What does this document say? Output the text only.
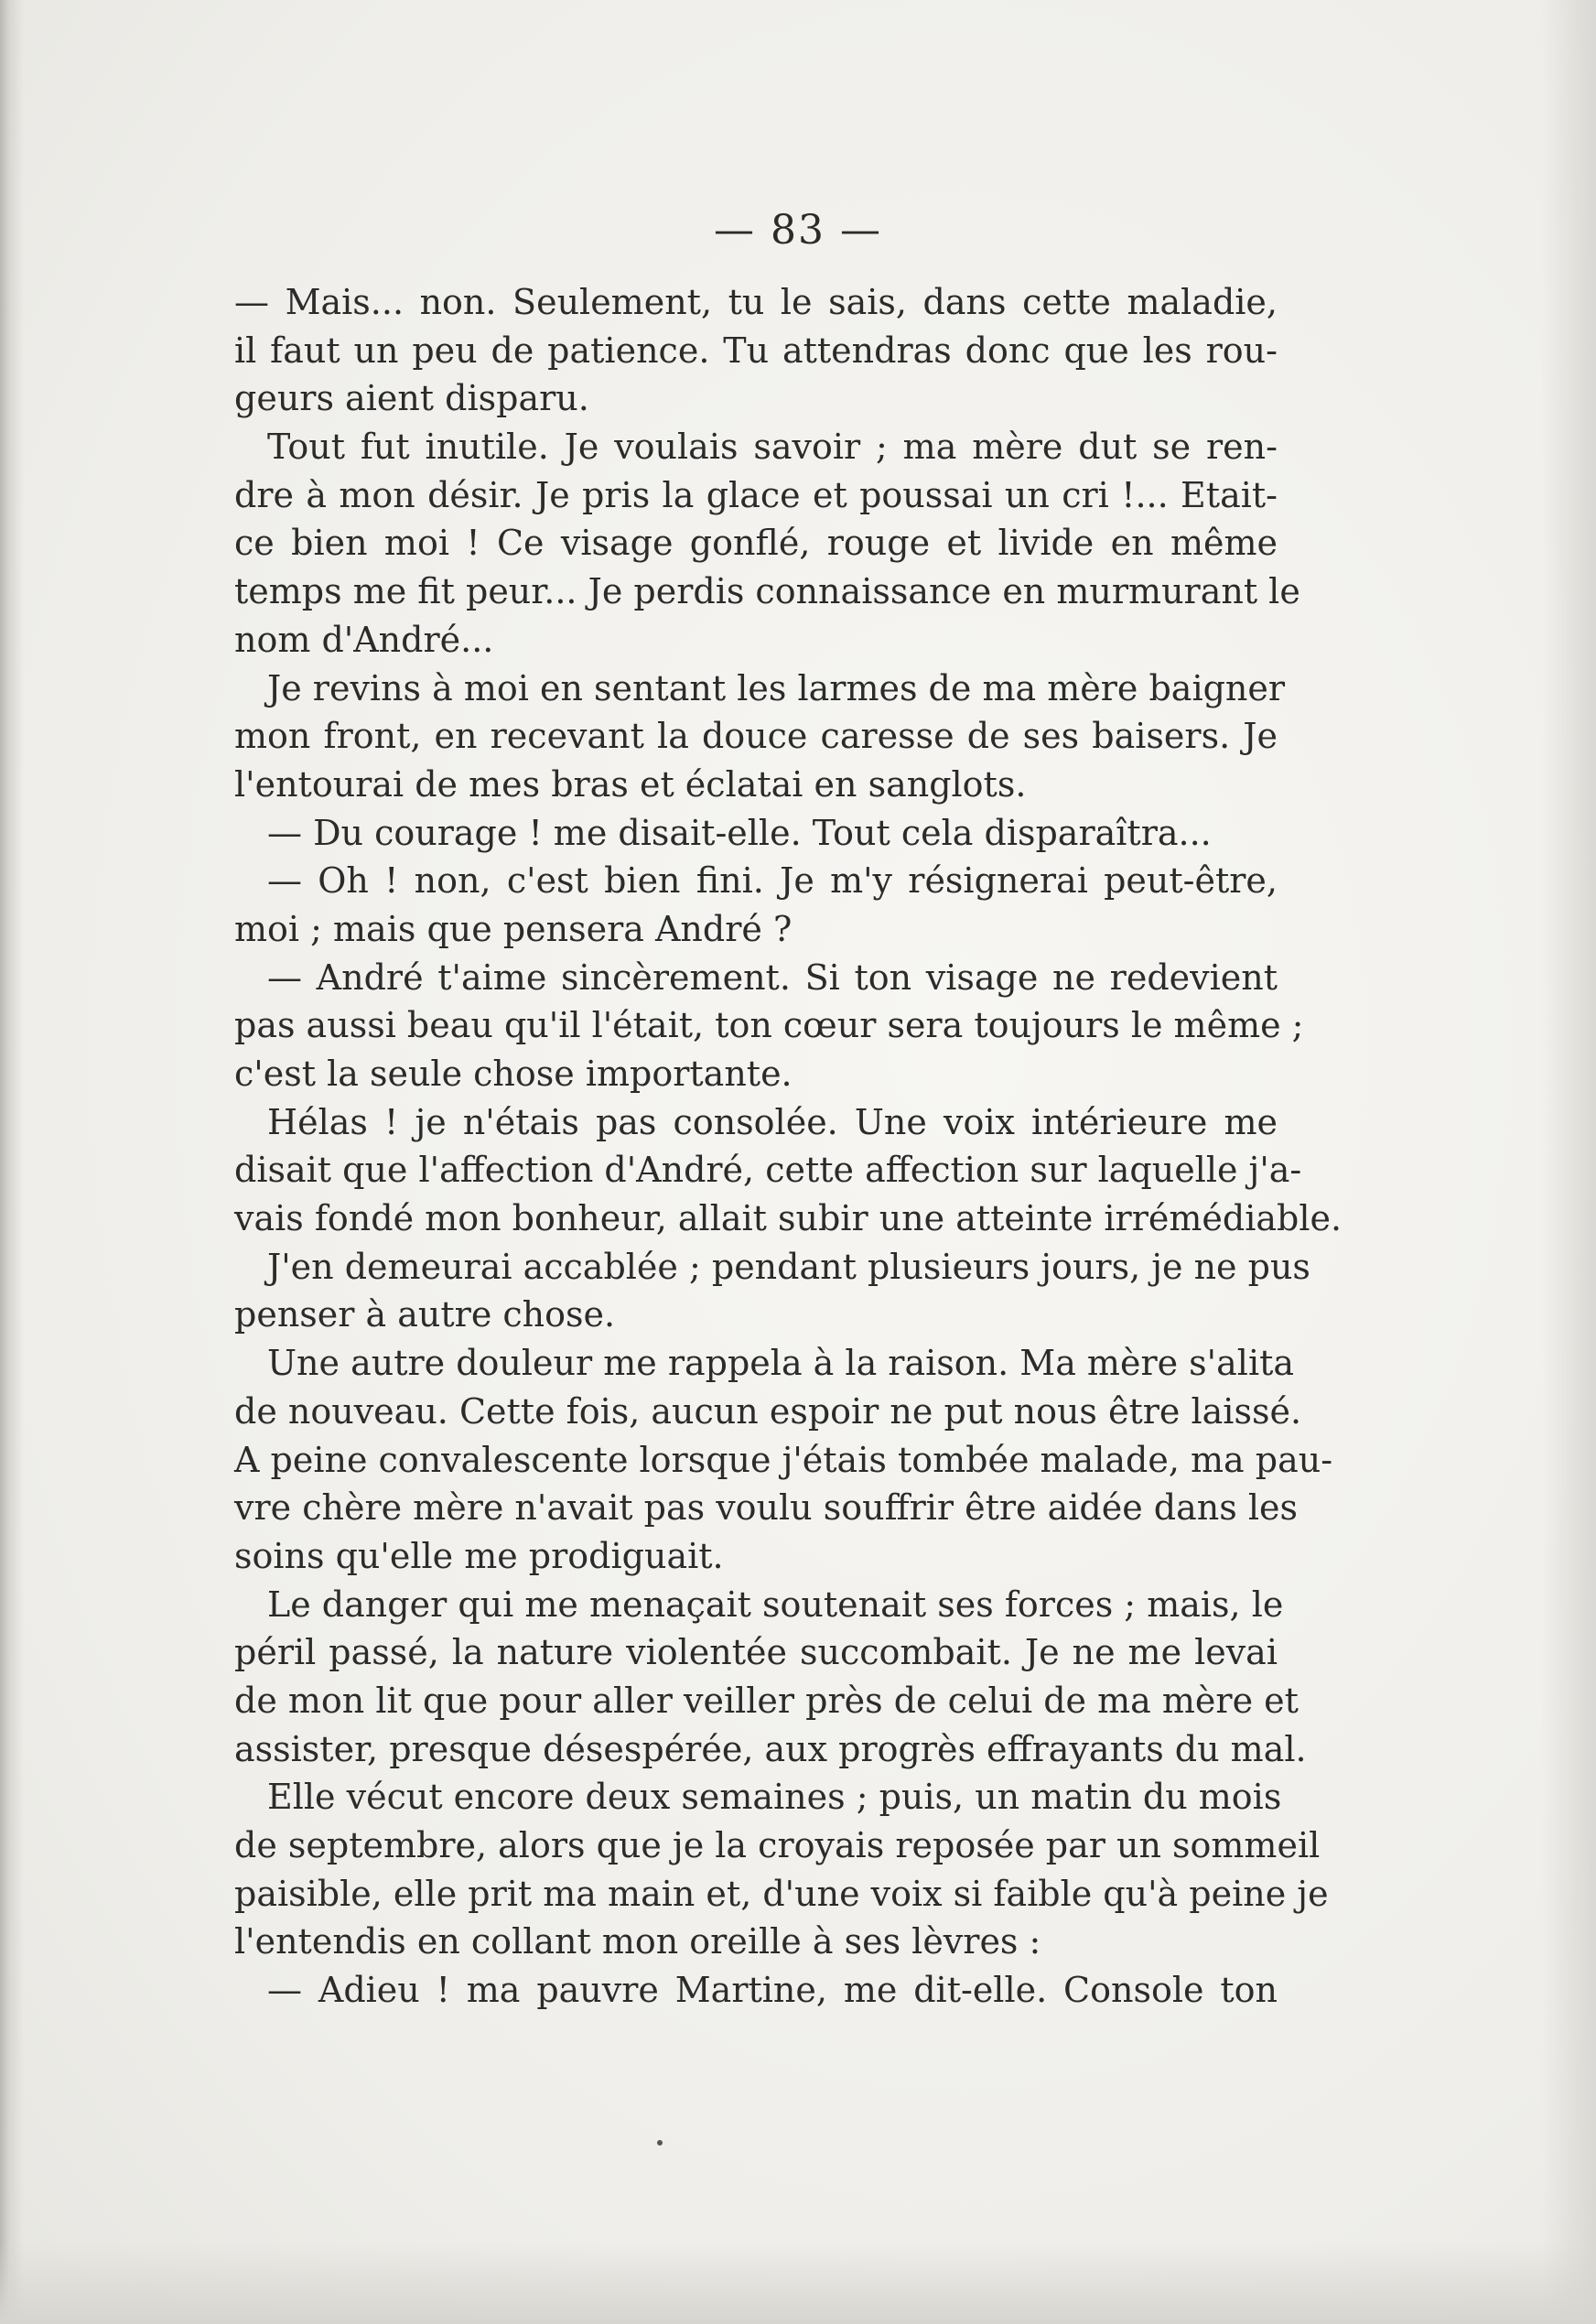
— 83 —
— Mais... non. Seulement, tu le sais, dans cette maladie,
il faut un peu de patience. Tu attendras donc que les rou-
geurs aient disparu.
Tout fut inutile. Je voulais savoir ; ma mère dut se ren-
dre à mon désir. Je pris la glace et poussai un cri !... Etait-
ce bien moi ! Ce visage gonflé, rouge et livide en même
temps me fit peur... Je perdis connaissance en murmurant le
nom d'André...
Je revins à moi en sentant les larmes de ma mère baigner
mon front, en recevant la douce caresse de ses baisers. Je
l'entourai de mes bras et éclatai en sanglots.
— Du courage ! me disait-elle. Tout cela disparaîtra...
— Oh ! non, c'est bien fini. Je m'y résignerai peut-être,
moi ; mais que pensera André ?
— André t'aime sincèrement. Si ton visage ne redevient
pas aussi beau qu'il l'était, ton cœur sera toujours le même ;
c'est la seule chose importante.
Hélas ! je n'étais pas consolée. Une voix intérieure me
disait que l'affection d'André, cette affection sur laquelle j'a-
vais fondé mon bonheur, allait subir une atteinte irrémédiable.
J'en demeurai accablée ; pendant plusieurs jours, je ne pus
penser à autre chose.
Une autre douleur me rappela à la raison. Ma mère s'alita
de nouveau. Cette fois, aucun espoir ne put nous être laissé.
A peine convalescente lorsque j'étais tombée malade, ma pau-
vre chère mère n'avait pas voulu souffrir être aidée dans les
soins qu'elle me prodiguait.
Le danger qui me menaçait soutenait ses forces ; mais, le
péril passé, la nature violentée succombait. Je ne me levai
de mon lit que pour aller veiller près de celui de ma mère et
assister, presque désespérée, aux progrès effrayants du mal.
Elle vécut encore deux semaines ; puis, un matin du mois
de septembre, alors que je la croyais reposée par un sommeil
paisible, elle prit ma main et, d'une voix si faible qu'à peine je
l'entendis en collant mon oreille à ses lèvres :
— Adieu ! ma pauvre Martine, me dit-elle. Console ton
